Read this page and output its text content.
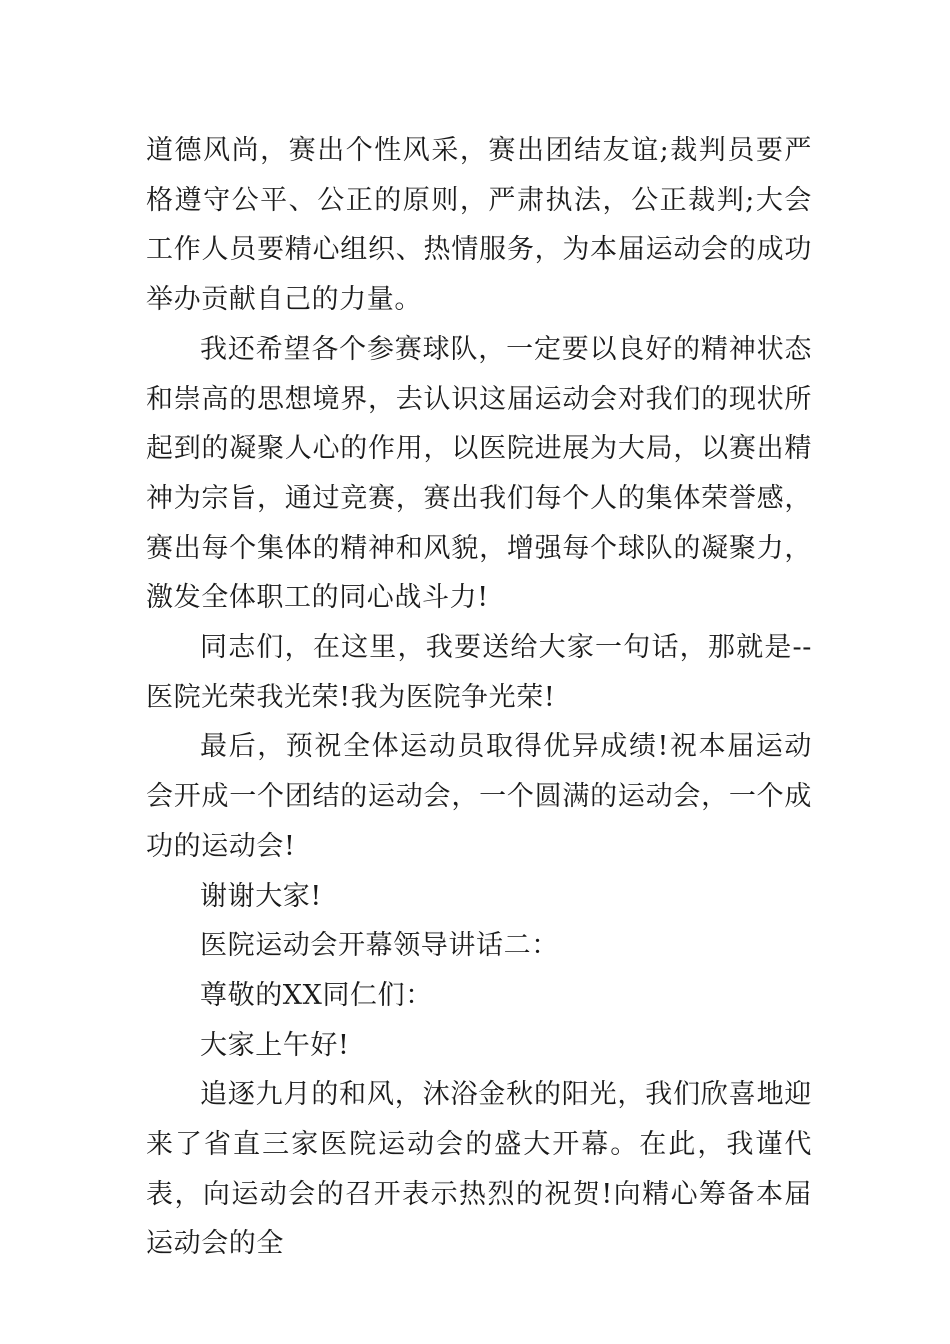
道德风尚，赛出个性风采，赛出团结友谊;裁判员要严格遵守公平、公正的原则，严肃执法，公正裁判;大会工作人员要精心组织、热情服务，为本届运动会的成功举办贡献自己的力量。

我还希望各个参赛球队，一定要以良好的精神状态和崇高的思想境界，去认识这届运动会对我们的现状所起到的凝聚人心的作用，以医院进展为大局，以赛出精神为宗旨，通过竞赛，赛出我们每个人的集体荣誉感，赛出每个集体的精神和风貌，增强每个球队的凝聚力，激发全体职工的同心战斗力!

同志们，在这里，我要送给大家一句话，那就是--医院光荣我光荣!我为医院争光荣!

最后，预祝全体运动员取得优异成绩!祝本届运动会开成一个团结的运动会，一个圆满的运动会，一个成功的运动会!

谢谢大家!

医院运动会开幕领导讲话二：

尊敬的XX同仁们：

大家上午好!

追逐九月的和风，沐浴金秋的阳光，我们欣喜地迎来了省直三家医院运动会的盛大开幕。在此，我谨代表，向运动会的召开表示热烈的祝贺!向精心筹备本届运动会的全
